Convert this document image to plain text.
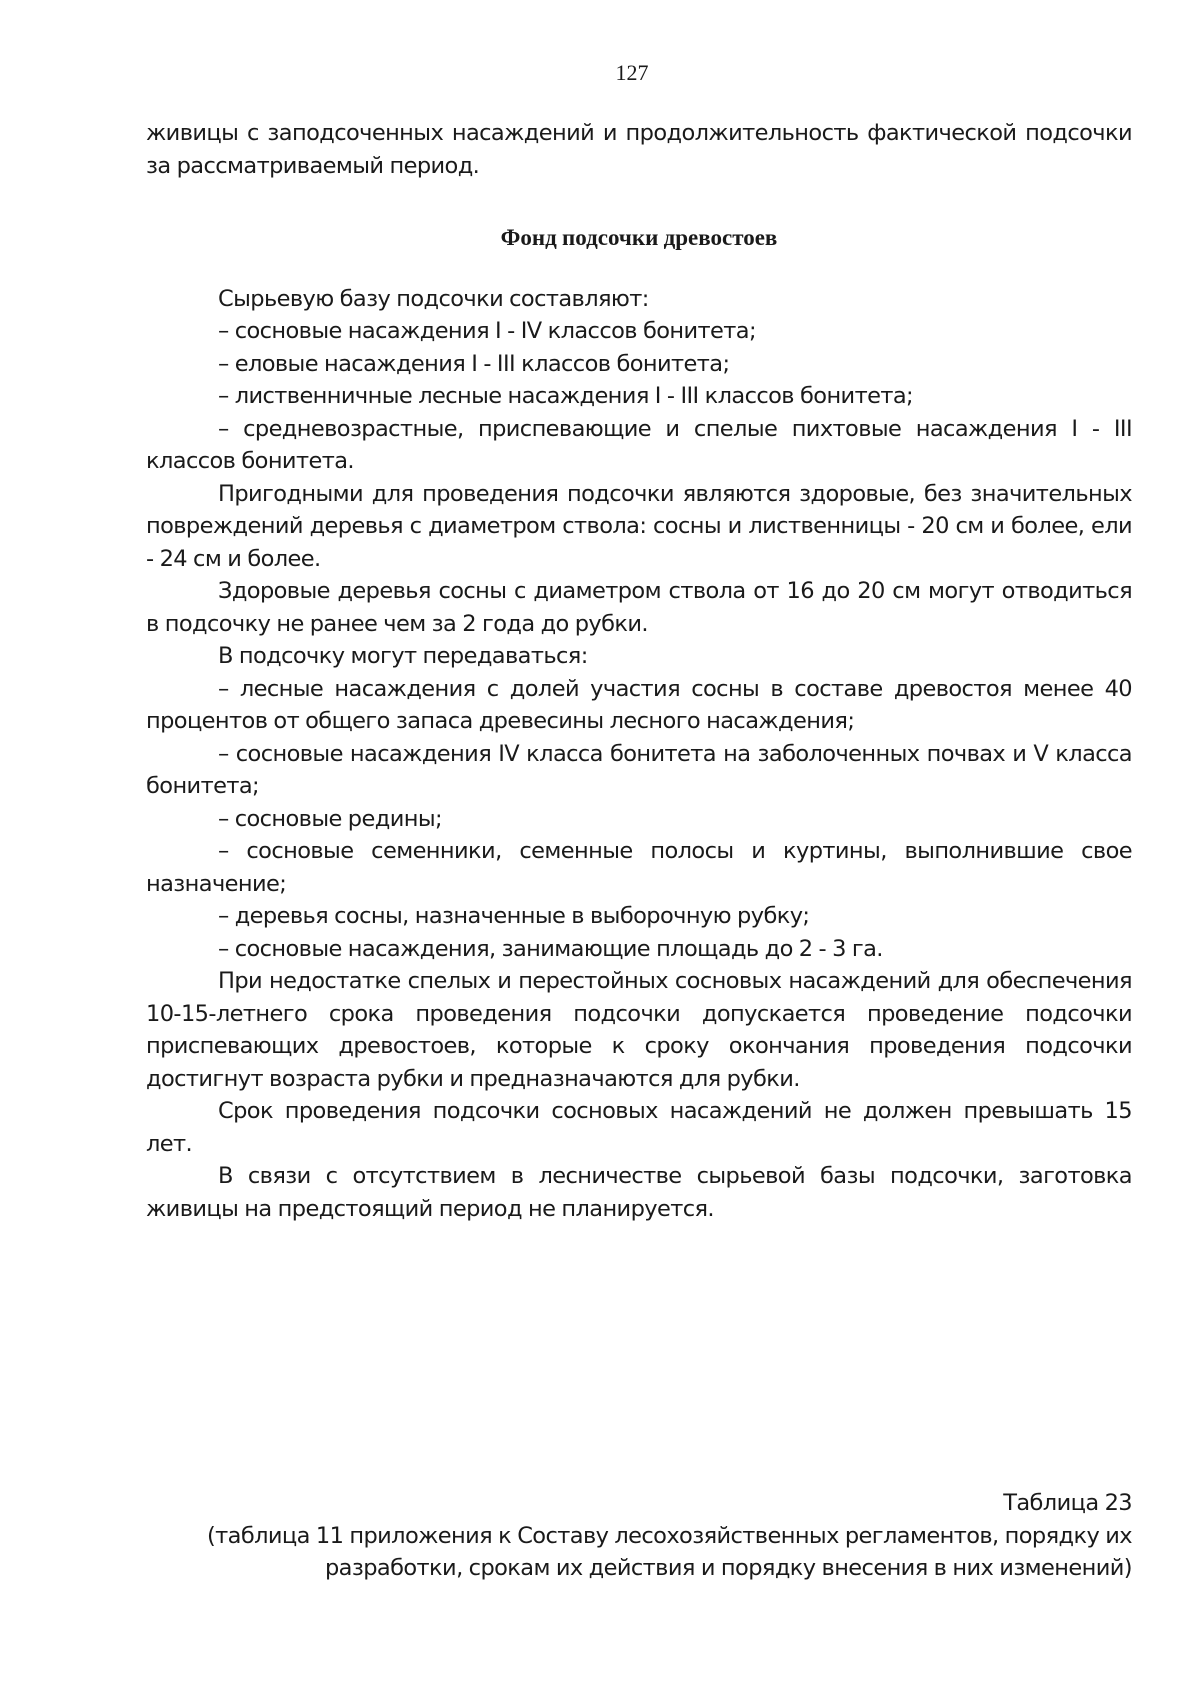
127

живицы с заподсоченных насаждений и продолжительность фактической подсочки за рассматриваемый период.

Фонд подсочки древостоев

Сырьевую базу подсочки составляют:

– сосновые насаждения I - IV классов бонитета;

– еловые насаждения I - III классов бонитета;

– лиственничные лесные насаждения I - III классов бонитета;

– средневозрастные, приспевающие и спелые пихтовые насаждения I - III классов бонитета.

Пригодными для проведения подсочки являются здоровые, без значительных повреждений деревья с диаметром ствола: сосны и лиственницы - 20 см и более, ели - 24 см и более.

Здоровые деревья сосны с диаметром ствола от 16 до 20 см могут отводиться в подсочку не ранее чем за 2 года до рубки.

В подсочку могут передаваться:

– лесные насаждения с долей участия сосны в составе древостоя менее 40 процентов от общего запаса древесины лесного насаждения;

– сосновые насаждения IV класса бонитета на заболоченных почвах и V класса бонитета;

– сосновые редины;

– сосновые семенники, семенные полосы и куртины, выполнившие свое назначение;

– деревья сосны, назначенные в выборочную рубку;

– сосновые насаждения, занимающие площадь до 2 - 3 га.

При недостатке спелых и перестойных сосновых насаждений для обеспечения 10-15-летнего срока проведения подсочки допускается проведение подсочки приспевающих древостоев, которые к сроку окончания проведения подсочки достигнут возраста рубки и предназначаются для рубки.

Срок проведения подсочки сосновых насаждений не должен превышать 15 лет.

В связи с отсутствием в лесничестве сырьевой базы подсочки, заготовка живицы на предстоящий период не планируется.

Таблица 23

(таблица 11 приложения к Составу лесохозяйственных регламентов, порядку их

разработки, срокам их действия и порядку внесения в них изменений)
